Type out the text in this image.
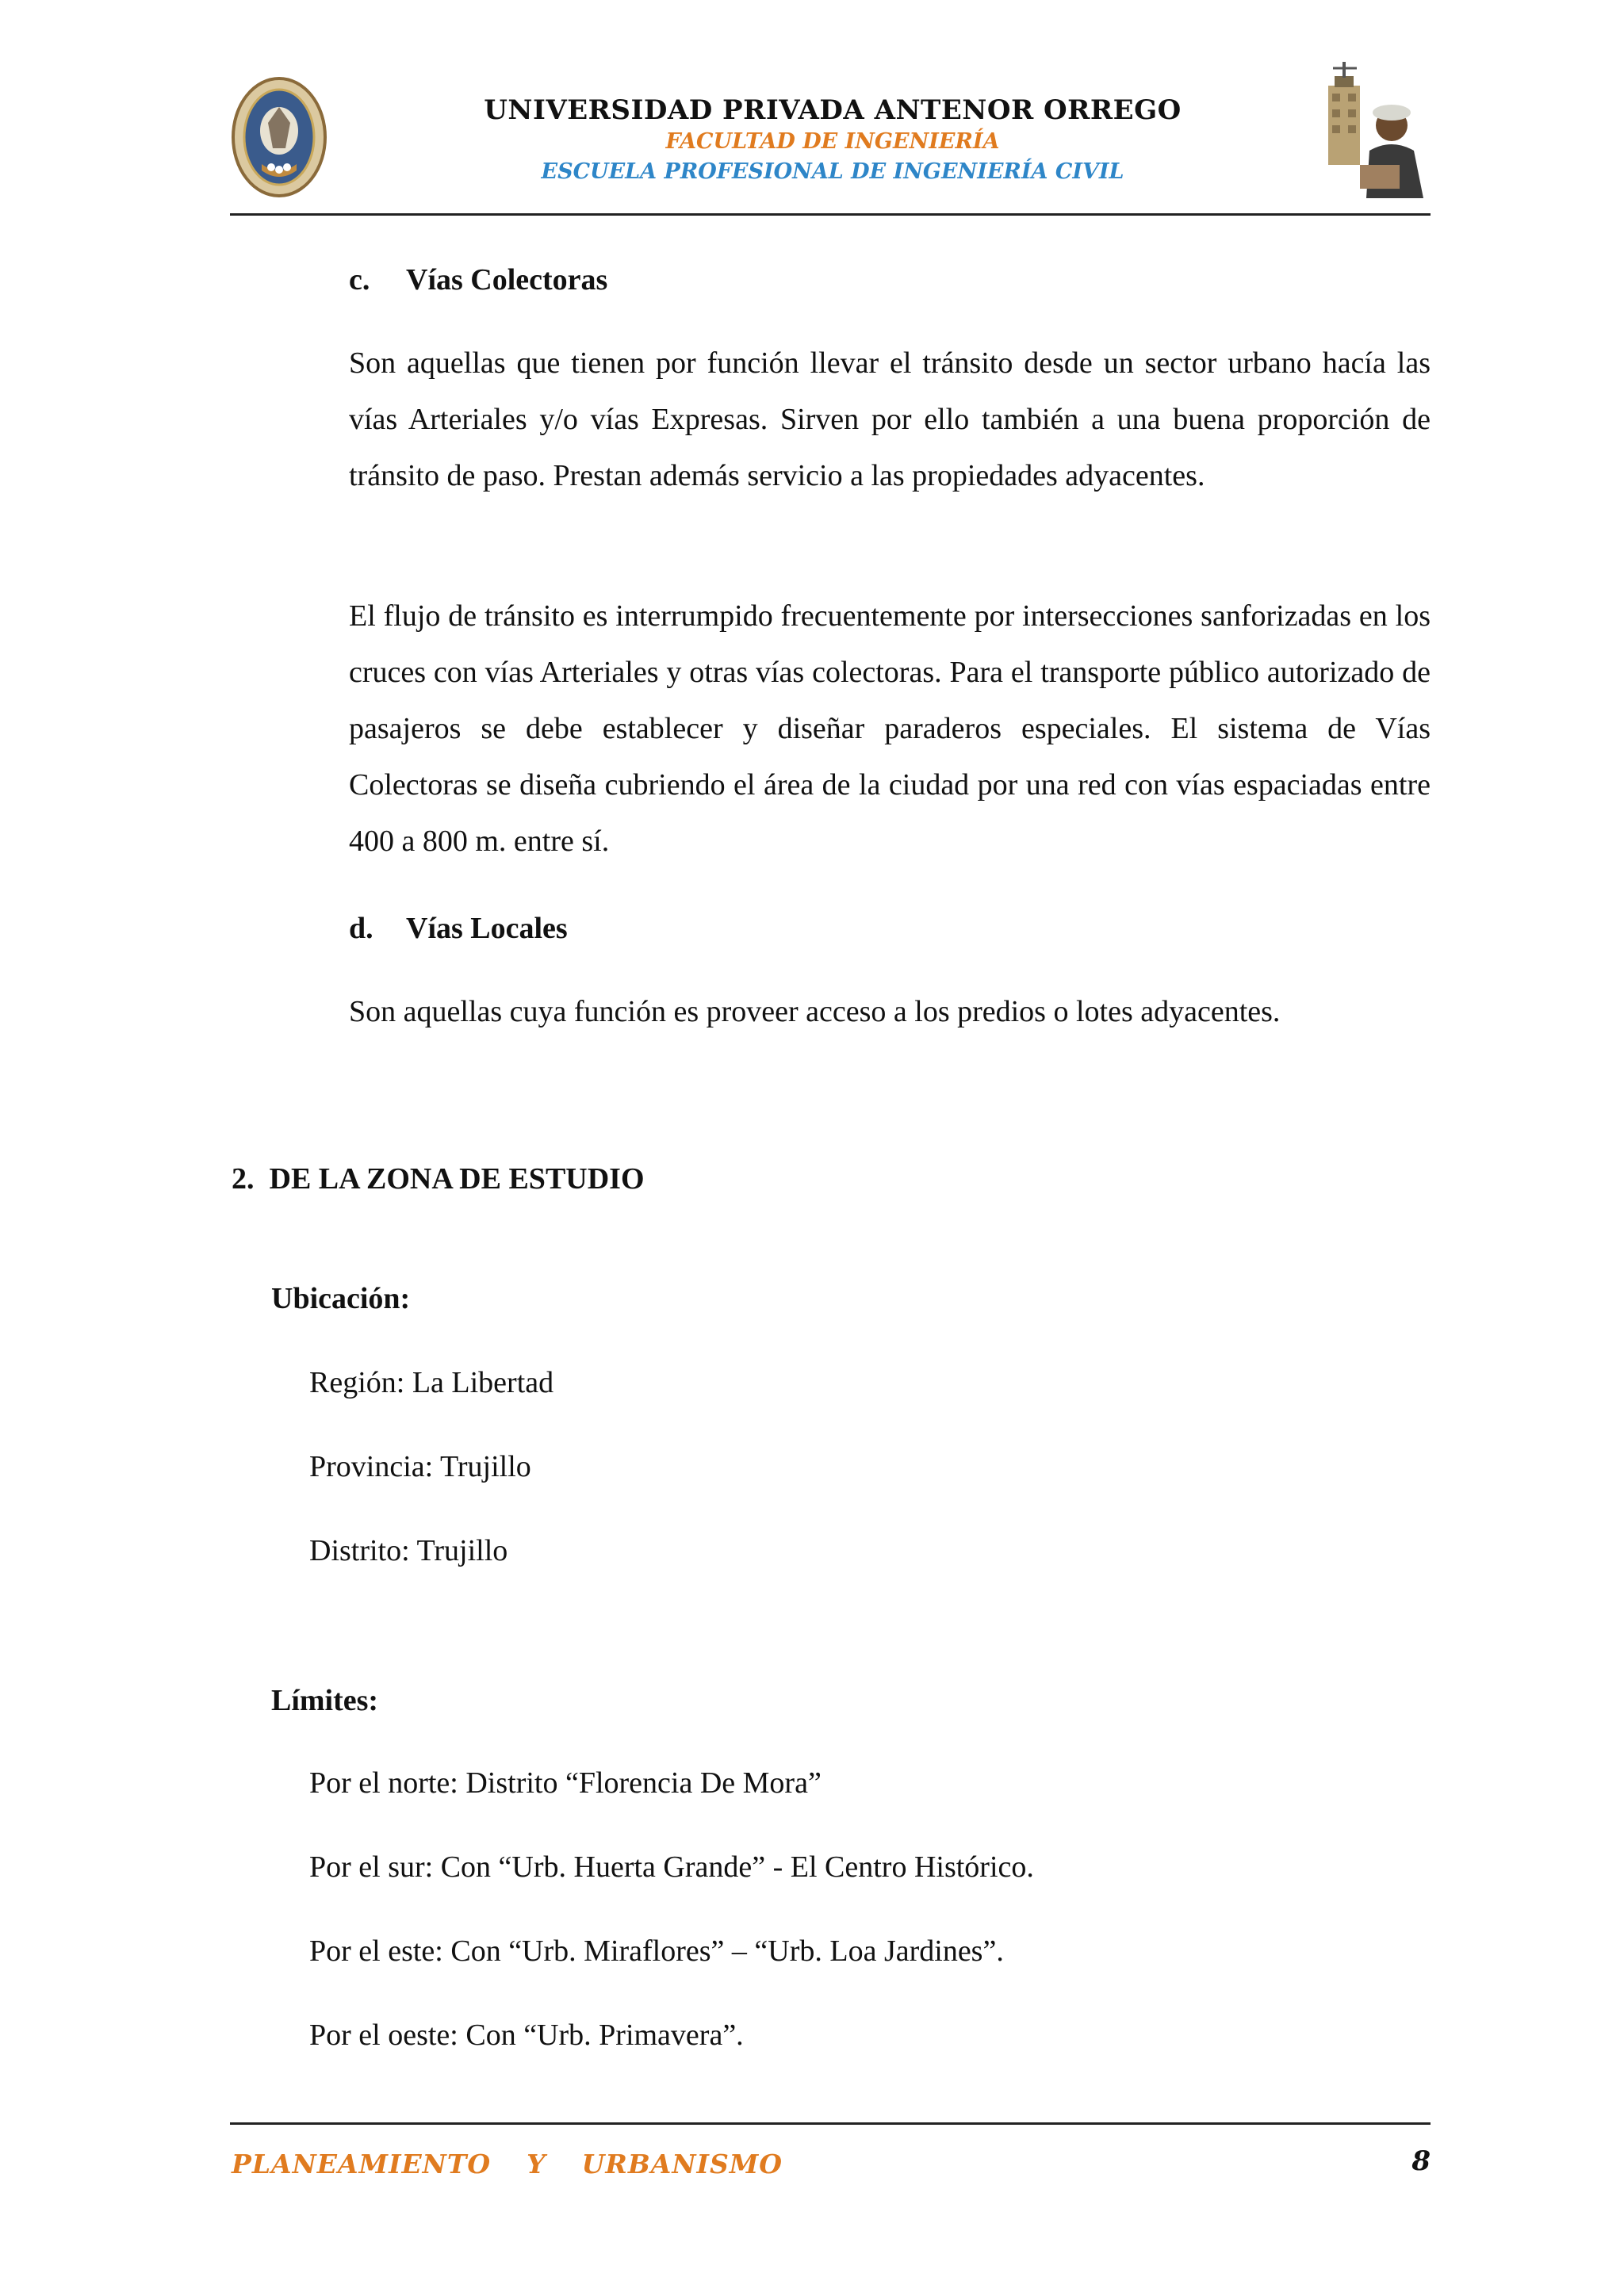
UNIVERSIDAD PRIVADA ANTENOR ORREGO
FACULTAD DE INGENIERÍA
ESCUELA PROFESIONAL DE INGENIERÍA CIVIL
c. Vías Colectoras

Son aquellas que tienen por función llevar el tránsito desde un sector urbano hacía las vías Arteriales y/o vías Expresas. Sirven por ello también a una buena proporción de tránsito de paso. Prestan además servicio a las propiedades adyacentes.

El flujo de tránsito es interrumpido frecuentemente por intersecciones sanforizadas en los cruces con vías Arteriales y otras vías colectoras. Para el transporte público autorizado de pasajeros se debe establecer y diseñar paraderos especiales. El sistema de Vías Colectoras se diseña cubriendo el área de la ciudad por una red con vías espaciadas entre 400 a 800 m. entre sí.

d. Vías Locales

Son aquellas cuya función es proveer acceso a los predios o lotes adyacentes.

2.  DE LA ZONA DE ESTUDIO
Ubicación:
Región: La Libertad
Provincia: Trujillo
Distrito: Trujillo
Límites:
Por el norte: Distrito “Florencia De Mora”
Por el sur: Con “Urb. Huerta Grande” - El Centro Histórico.
Por el este: Con “Urb. Miraflores” – “Urb. Loa Jardines”.
Por el oeste: Con “Urb. Primavera”.
PLANEAMIENTO  Y  URBANISMO	8
